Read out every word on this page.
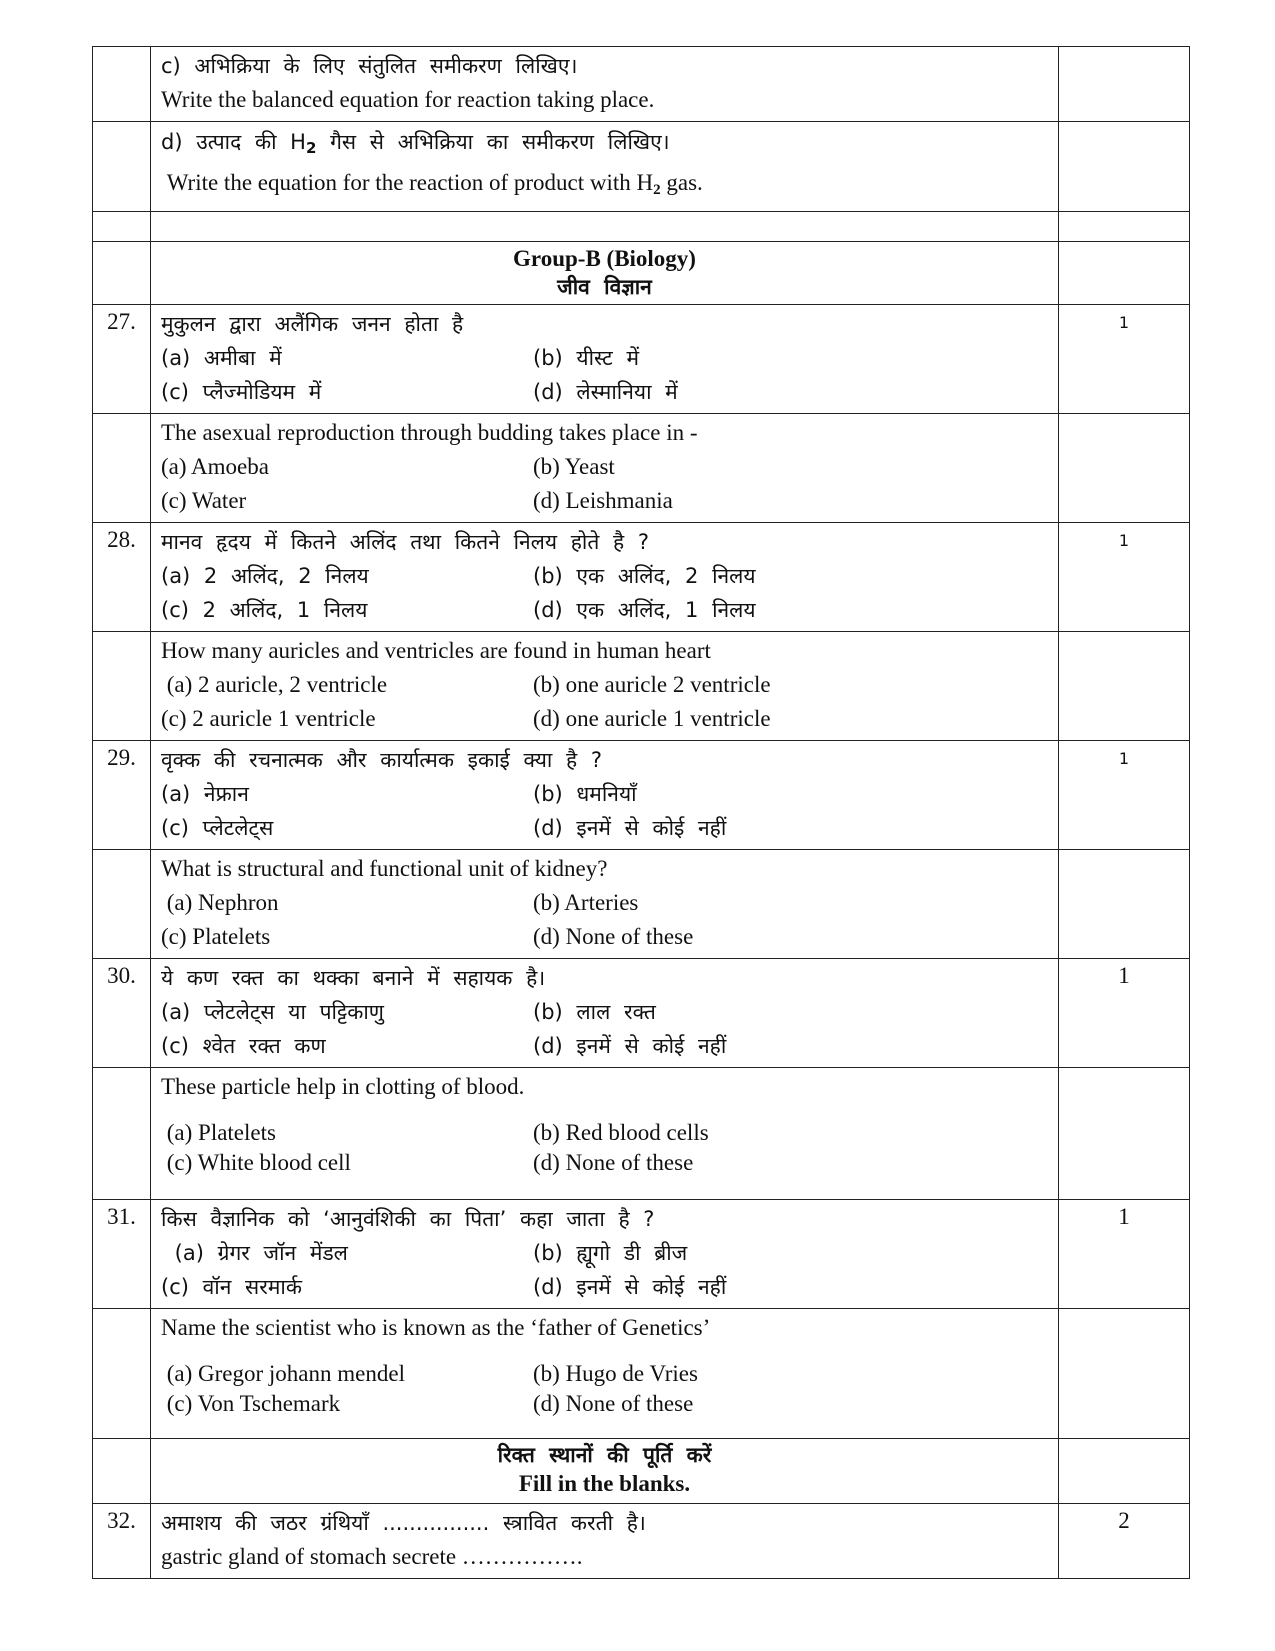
	c) अभिक्रिया के लिए संतुलित समीकरण लिखिए।
Write the balanced equation for reaction taking place.	

	d) उत्पाद की $H_2$ गैस से अभिक्रिया का समीकरण लिखिए।
Write the equation for the reaction of product with $H_2$ gas.	

	Group-B (Biology)
जीव विज्ञान	

27.	मुकुलन द्वारा अलैंगिक जनन होता है
(a) अमीबा में (b) यीस्ट में
(c) प्लैज्मोडियम में (d) लेस्मानिया में	1

	The asexual reproduction through budding takes place in -
(a) Amoeba (b) Yeast
(c) Water (d) Leishmania	

28.	मानव हृदय में कितने अलिंद तथा कितने निलय होते है ?
(a) 2 अलिंद, 2 निलय (b) एक अलिंद, 2 निलय
(c) 2 अलिंद, 1 निलय (d) एक अलिंद, 1 निलय	1

	How many auricles and ventricles are found in human heart
(a) 2 auricle, 2 ventricle (b) one auricle 2 ventricle
(c) 2 auricle 1 ventricle (d) one auricle 1 ventricle	

29.	वृक्क की रचनात्मक और कार्यात्मक इकाई क्या है ?
(a) नेफ्रान (b) धमनियाँ
(c) प्लेटलेट्स (d) इनमें से कोई नहीं	1

	What is structural and functional unit of kidney?
(a) Nephron (b) Arteries
(c) Platelets (d) None of these	

30.	ये कण रक्त का थक्का बनाने में सहायक है।
(a) प्लेटलेट्स या पट्टिकाणु (b) लाल रक्त
(c) श्वेत रक्त कण (d) इनमें से कोई नहीं	1

	These particle help in clotting of blood.
(a) Platelets (b) Red blood cells
(c) White blood cell (d) None of these	

31.	किस वैज्ञानिक को ‘आनुवंशिकी का पिता’ कहा जाता है ?
(a) ग्रेगर जॉन मेंडल (b) ह्यूगो डी ब्रीज
(c) वॉन सरमार्क (d) इनमें से कोई नहीं	1

	Name the scientist who is known as the ‘father of Genetics’
(a) Gregor johann mendel (b) Hugo de Vries
(c) Von Tschemark (d) None of these	

	रिक्त स्थानों की पूर्ति करें
Fill in the blanks.	

32.	अमाशय की जठर ग्रंथियाँ ................ स्त्रावित करती है।
gastric gland of stomach secrete …………….	2
